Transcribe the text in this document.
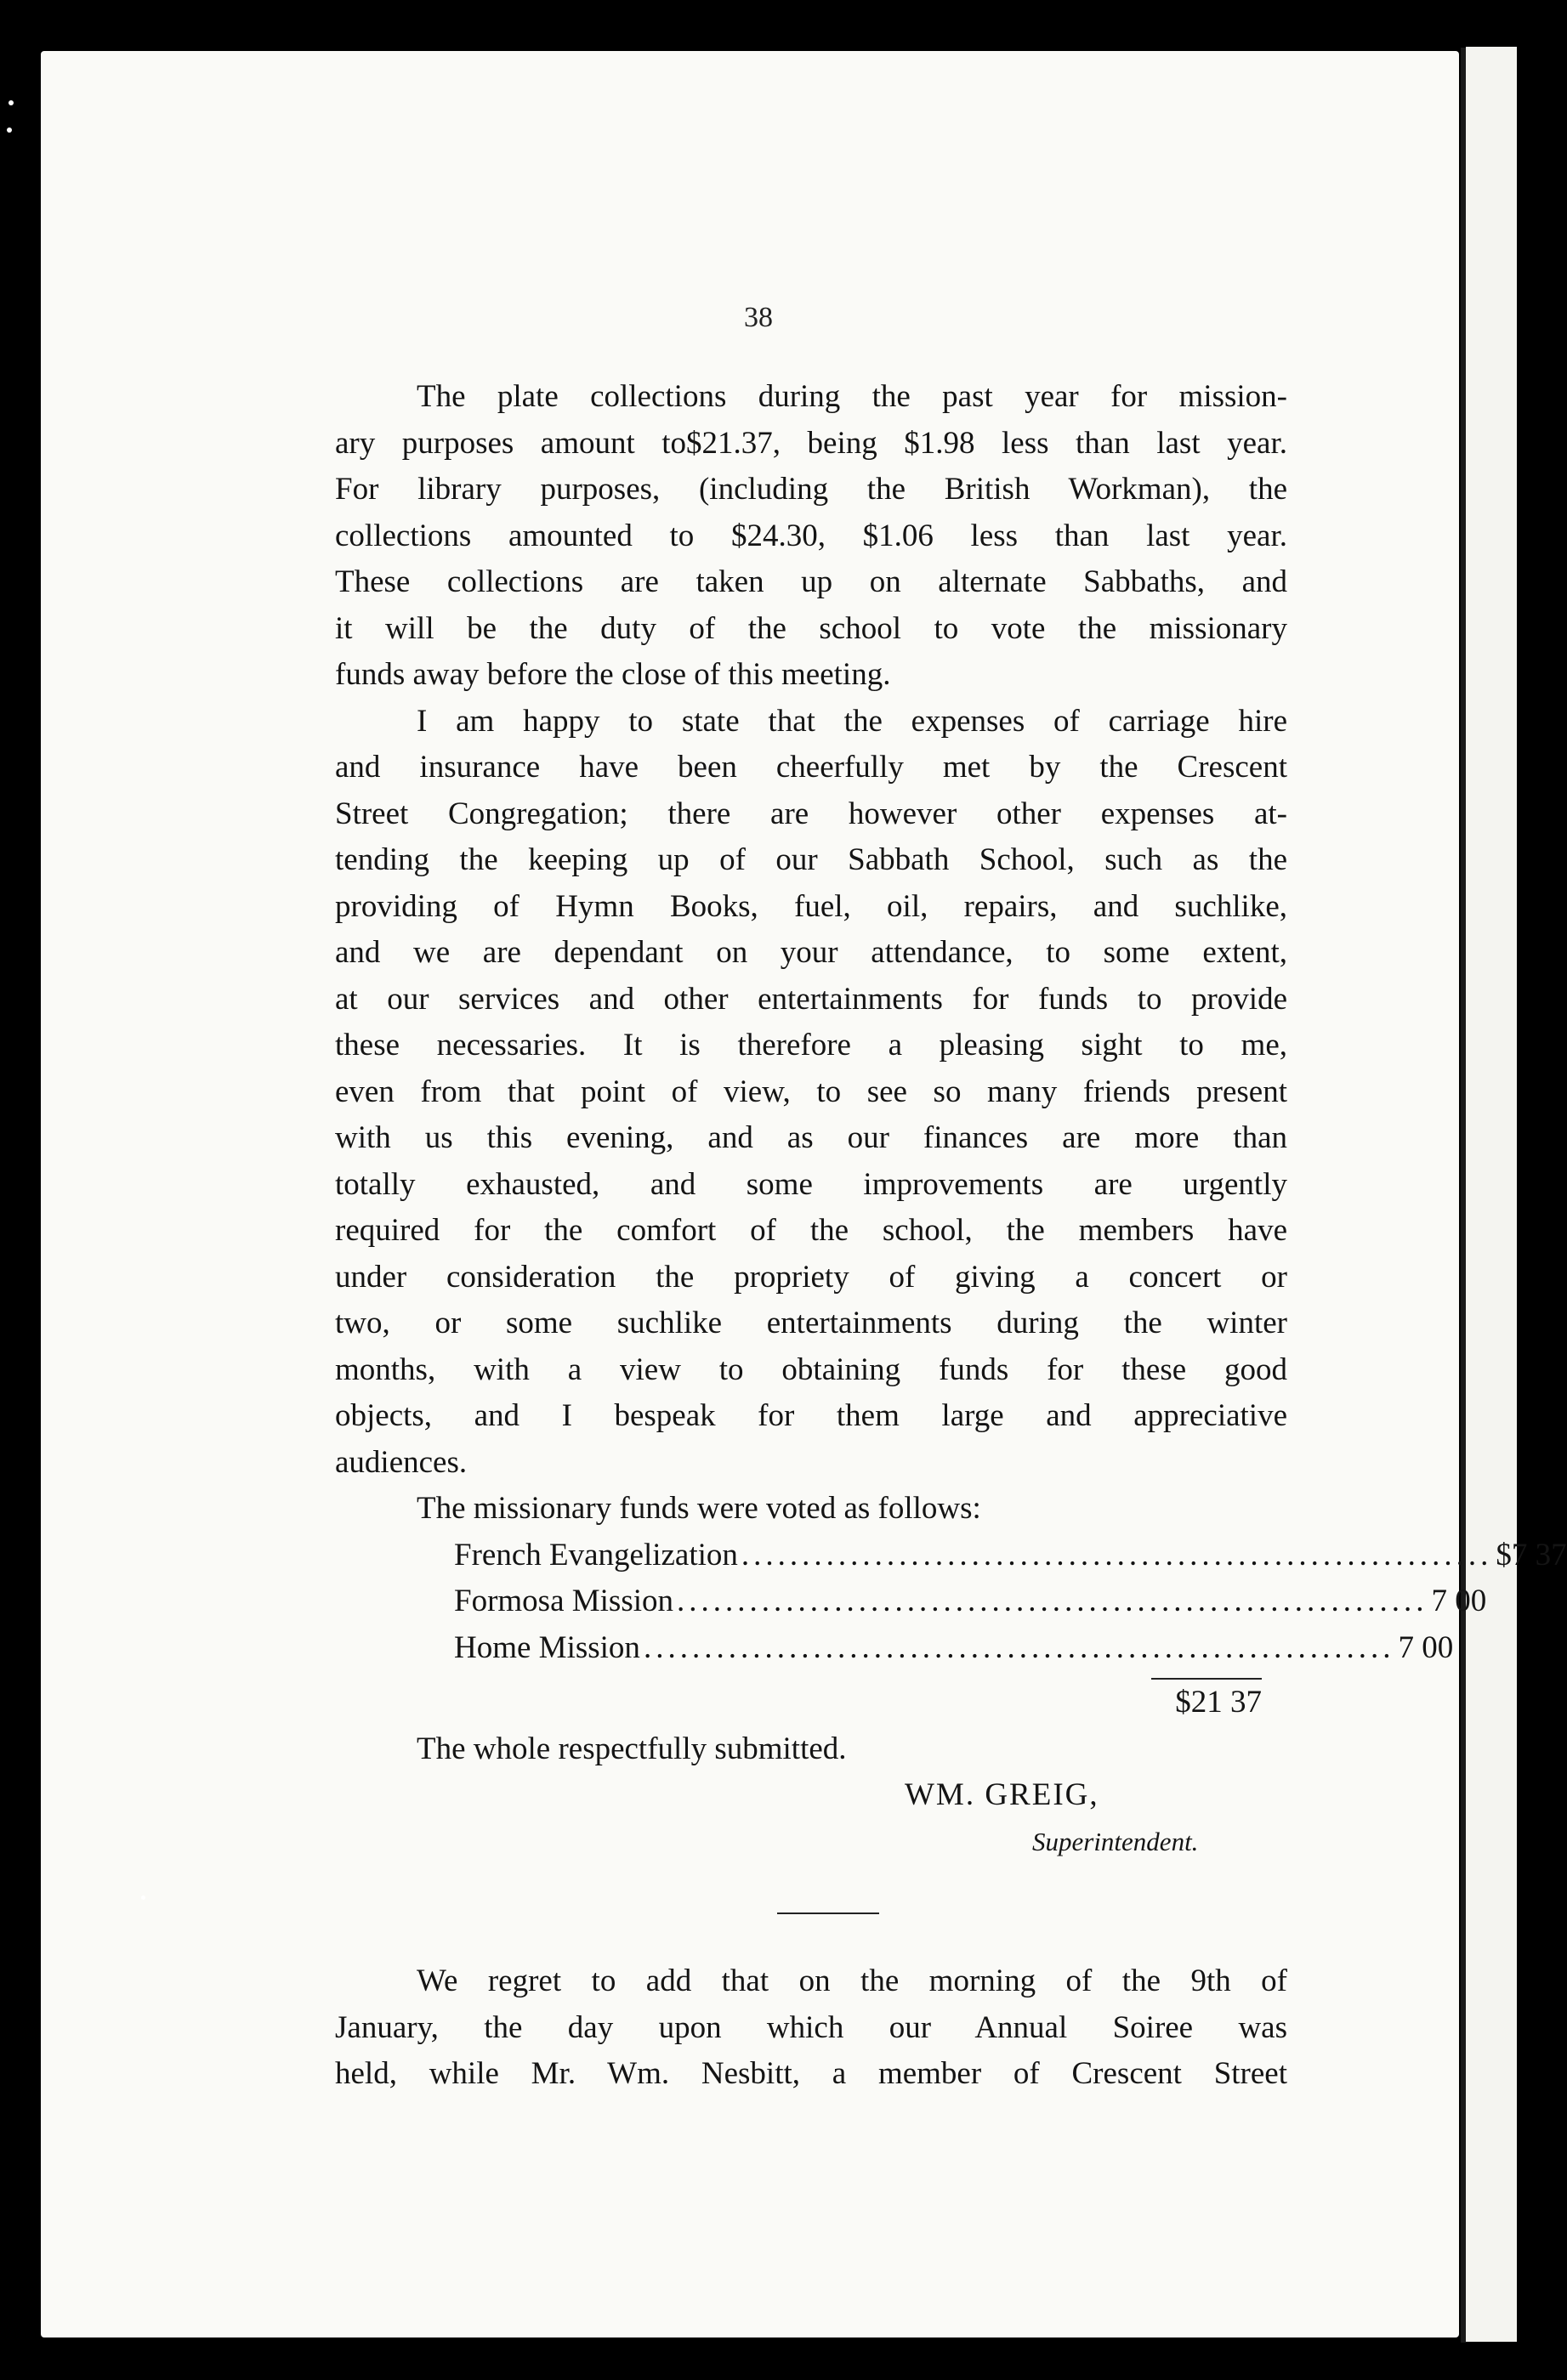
38
The plate collections during the past year for mission-
ary purposes amount to$21.37, being $1.98 less than last year.
For library purposes, (including the British Workman), the
collections amounted to $24.30, $1.06 less than last year.
These collections are taken up on alternate Sabbaths, and
it will be the duty of the school to vote the missionary
funds away before the close of this meeting.
I am happy to state that the expenses of carriage hire
and insurance have been cheerfully met by the Crescent
Street Congregation; there are however other expenses at-
tending the keeping up of our Sabbath School, such as the
providing of Hymn Books, fuel, oil, repairs, and suchlike,
and we are dependant on your attendance, to some extent,
at our services and other entertainments for funds to provide
these necessaries. It is therefore a pleasing sight to me,
even from that point of view, to see so many friends present
with us this evening, and as our finances are more than
totally exhausted, and some improvements are urgently
required for the comfort of the school, the members have
under consideration the propriety of giving a concert or
two, or some suchlike entertainments during the winter
months, with a view to obtaining funds for these good
objects, and I bespeak for them large and appreciative
audiences.
The missionary funds were voted as follows:
French Evangelization .............................................................. $7 37
Formosa Mission .............................................................. 7 00
Home Mission .............................................................. 7 00
$21 37
The whole respectfully submitted.
WM. GREIG,
Superintendent.
We regret to add that on the morning of the 9th of
January, the day upon which our Annual Soiree was
held, while Mr. Wm. Nesbitt, a member of Crescent Street
